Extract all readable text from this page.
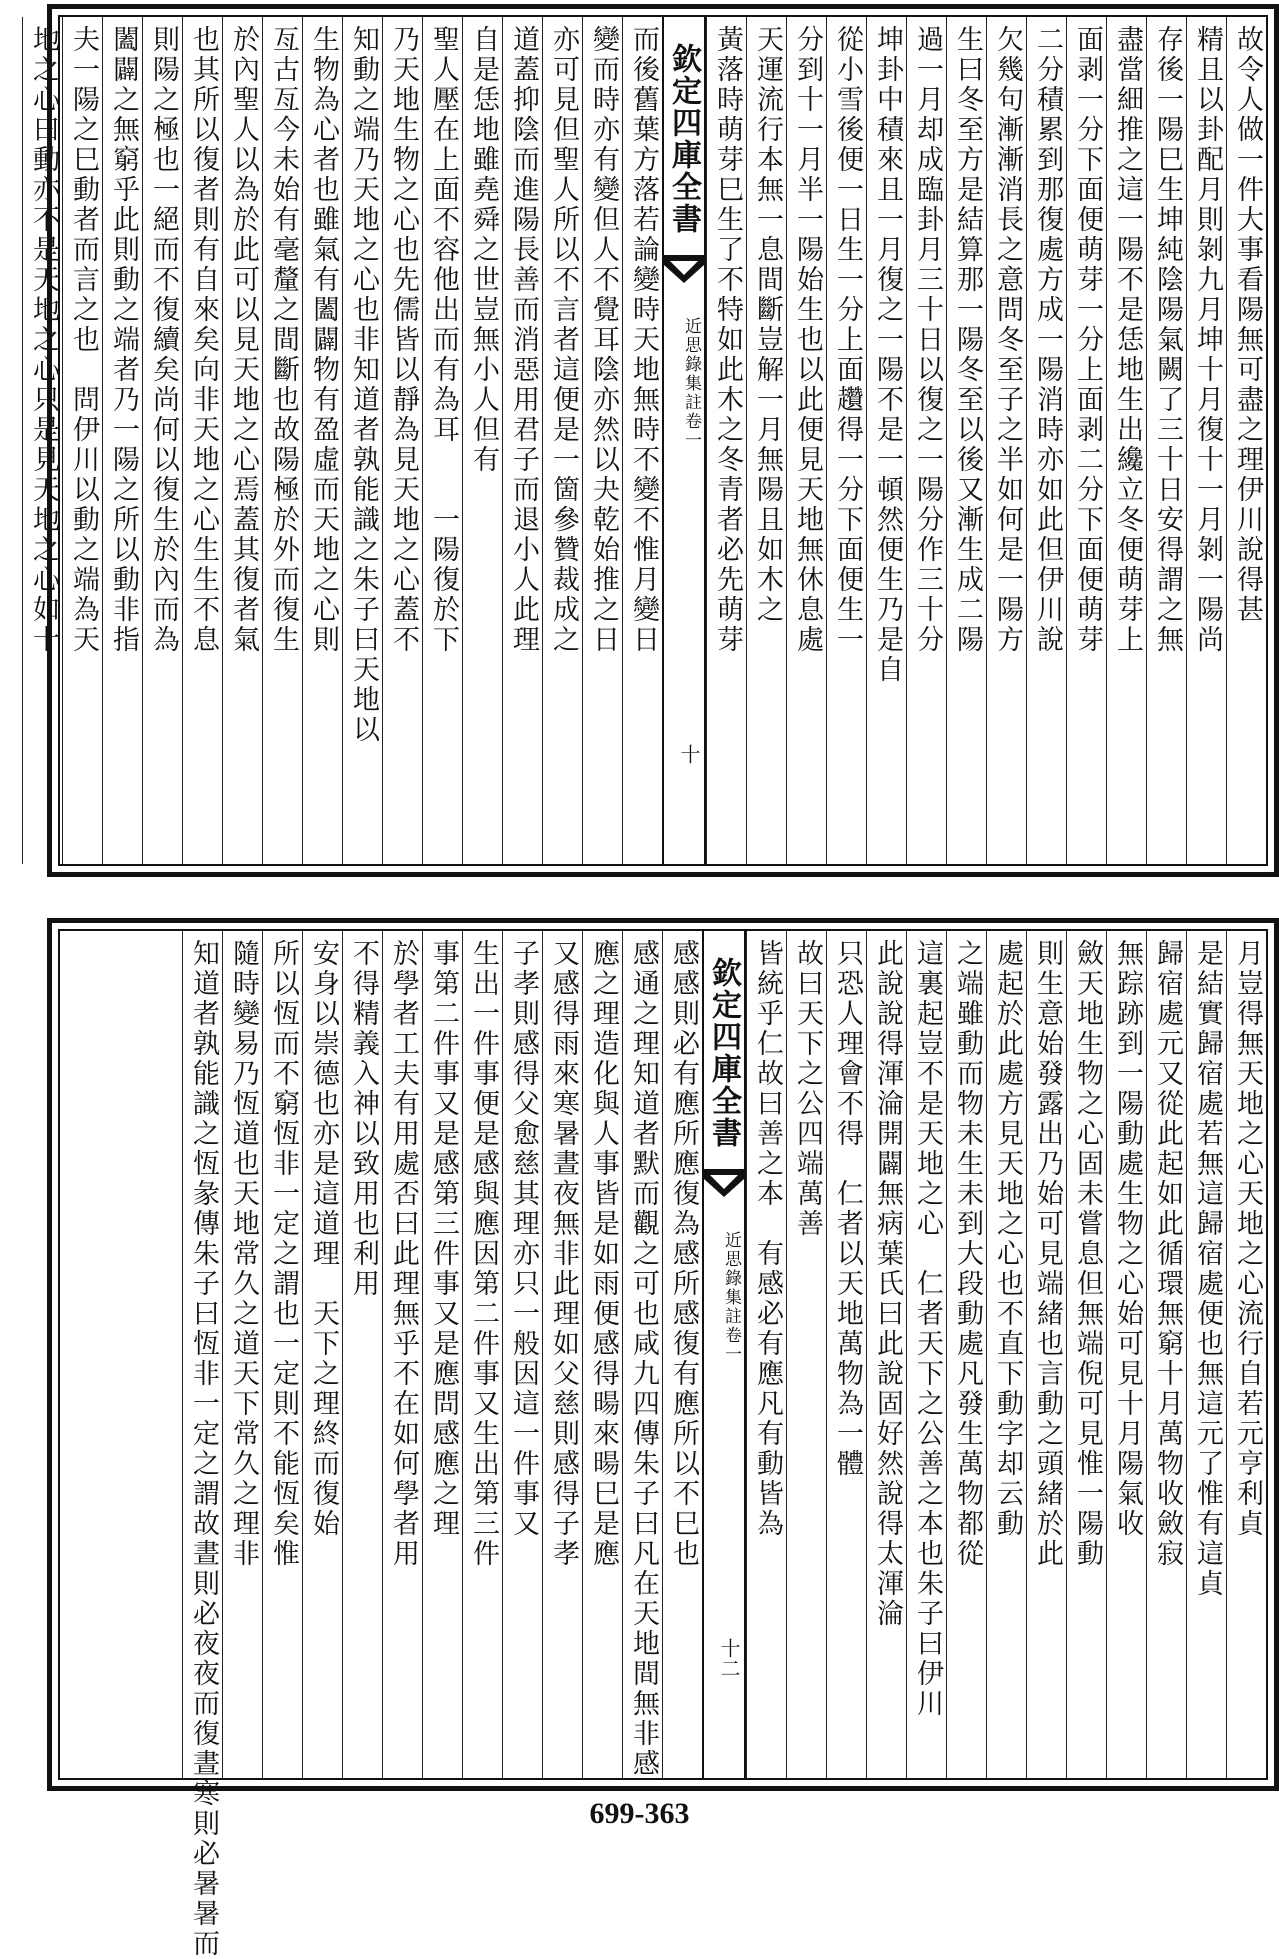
故令人做一件大事看陽無可盡之理伊川說得甚
精且以卦配月則剝九月坤十月復十一月剝一陽尚
存後一陽巳生坤純陰陽氣闕了三十日安得謂之無
盡當細推之這一陽不是恁地生出纔立冬便萌芽上
面剥一分下面便萌芽一分上面剥二分下面便萌芽
二分積累到那復處方成一陽消時亦如此但伊川說
欠幾句漸漸消長之意問冬至子之半如何是一陽方
生曰冬至方是結算那一陽冬至以後又漸生成二陽
過一月却成臨卦月三十日以復之一陽分作三十分
坤卦中積來且一月復之一陽不是一頓然便生乃是自
從小雪後便一日生一分上面趲得一分下面便生一
分到十一月半一陽始生也以此便見天地無休息處
天運流行本無一息間斷豈解一月無陽且如木之
黃落時萌芽巳生了不特如此木之冬青者必先萌芽
欽定四庫全書
近思錄集註卷一
十
而後舊葉方落若論變時天地無時不變不惟月變日
變而時亦有變但人不覺耳陰亦然以夬乾始推之日
亦可見但聖人所以不言者這便是一箇參贊裁成之
道蓋抑陰而進陽長善而消惡用君子而退小人此理
自是恁地雖堯舜之世豈無小人但有
聖人壓在上面不容他出而有為耳　　一陽復於下
乃天地生物之心也先儒皆以靜為見天地之心蓋不
知動之端乃天地之心也非知道者孰能識之朱子曰天地以
生物為心者也雖氣有闔闢物有盈虛而天地之心則
亙古亙今未始有毫釐之間斷也故陽極於外而復生
於內聖人以為於此可以見天地之心焉蓋其復者氣
也其所以復者則有自來矣向非天地之心生生不息
則陽之極也一絕而不復續矣尚何以復生於內而為
闔闢之無窮乎此則動之端者乃一陽之所以動非指
夫一陽之巳動者而言之也　問伊川以動之端為天
地之心曰動亦不是天地之心只是見天地之心如十
月豈得無天地之心天地之心流行自若元亨利貞
是結實歸宿處若無這歸宿處便也無這元了惟有這貞
歸宿處元又從此起如此循環無窮十月萬物收斂寂
無踪跡到一陽動處生物之心始可見十月陽氣收
斂天地生物之心固未嘗息但無端倪可見惟一陽動
則生意始發露出乃始可見端緒也言動之頭緒於此
處起於此處方見天地之心也不直下動字却云動
之端雖動而物未生未到大段動處凡發生萬物都從
這裏起豈不是天地之心　仁者天下之公善之本也朱子曰伊川
此說說得渾淪開闢無病葉氏曰此說固好然說得太渾淪
只恐人理會不得　仁者以天地萬物為一體
故曰天下之公四端萬善
皆統乎仁故曰善之本　有感必有應凡有動皆為
欽定四庫全書
近思錄集註卷一
十二
感感則必有應所應復為感所感復有應所以不巳也
感通之理知道者默而觀之可也咸九四傳朱子曰凡在天地間無非感
應之理造化與人事皆是如雨便感得暘來暘巳是應
又感得雨來寒暑晝夜無非此理如父慈則感得子孝
子孝則感得父愈慈其理亦只一般因這一件事又
生出一件事便是感與應因第二件事又生出第三件
事第二件事又是感第三件事又是應問感應之理
於學者工夫有用處否曰此理無乎不在如何學者用
不得精義入神以致用也利用
安身以崇德也亦是這道理　天下之理終而復始
所以恆而不窮恆非一定之謂也一定則不能恆矣惟
隨時變易乃恆道也天地常久之道天下常久之理非
知道者孰能識之恆彖傳朱子曰恆非一定之謂故晝則必夜夜而復晝寒則必暑暑而	699-363
